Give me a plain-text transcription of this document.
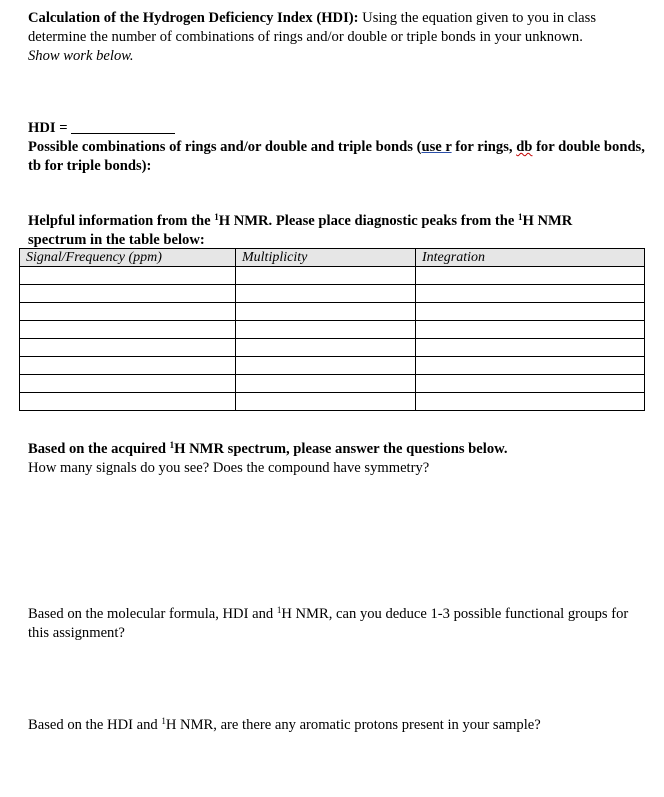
Calculation of the Hydrogen Deficiency Index (HDI): Using the equation given to you in class determine the number of combinations of rings and/or double or triple bonds in your unknown.
Show work below.
HDI =
Possible combinations of rings and/or double and triple bonds (use r for rings, db for double bonds, tb for triple bonds):
Helpful information from the $^1$H NMR. Please place diagnostic peaks from the $^1$H NMR
spectrum in the table below:
Signal/Frequency (ppm)	Multiplicity	Integration

Based on the acquired $^1$H NMR spectrum, please answer the questions below.
How many signals do you see? Does the compound have symmetry?
Based on the molecular formula, HDI and $^1$H NMR, can you deduce 1-3 possible functional groups for this assignment?
Based on the HDI and $^1$H NMR, are there any aromatic protons present in your sample?
